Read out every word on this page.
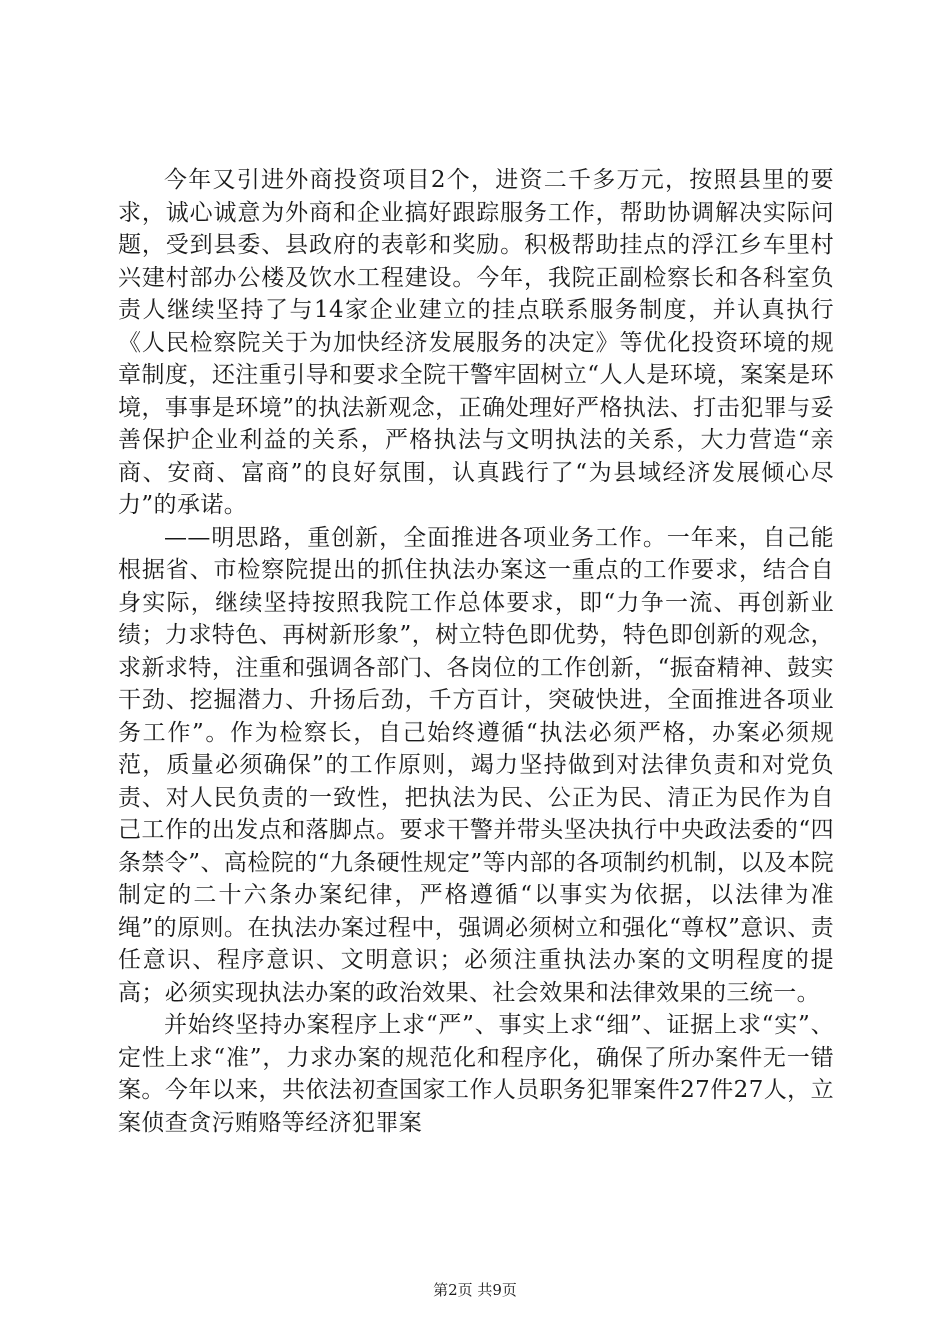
今年又引进外商投资项目2个，进资二千多万元，按照县里的要求，诚心诚意为外商和企业搞好跟踪服务工作，帮助协调解决实际问题，受到县委、县政府的表彰和奖励。积极帮助挂点的浮江乡车里村兴建村部办公楼及饮水工程建设。今年，我院正副检察长和各科室负责人继续坚持了与14家企业建立的挂点联系服务制度，并认真执行《人民检察院关于为加快经济发展服务的决定》等优化投资环境的规章制度，还注重引导和要求全院干警牢固树立“人人是环境，案案是环境，事事是环境”的执法新观念，正确处理好严格执法、打击犯罪与妥善保护企业利益的关系，严格执法与文明执法的关系，大力营造“亲商、安商、富商”的良好氛围，认真践行了“为县域经济发展倾心尽力”的承诺。

——明思路，重创新，全面推进各项业务工作。一年来，自己能根据省、市检察院提出的抓住执法办案这一重点的工作要求，结合自身实际，继续坚持按照我院工作总体要求，即“力争一流、再创新业绩；力求特色、再树新形象”，树立特色即优势，特色即创新的观念，求新求特，注重和强调各部门、各岗位的工作创新，“振奋精神、鼓实干劲、挖掘潜力、升扬后劲，千方百计，突破快进，全面推进各项业务工作”。作为检察长，自己始终遵循“执法必须严格，办案必须规范，质量必须确保”的工作原则，竭力坚持做到对法律负责和对党负责、对人民负责的一致性，把执法为民、公正为民、清正为民作为自己工作的出发点和落脚点。要求干警并带头坚决执行中央政法委的“四条禁令”、高检院的“九条硬性规定”等内部的各项制约机制，以及本院制定的二十六条办案纪律，严格遵循“以事实为依据，以法律为准绳”的原则。在执法办案过程中，强调必须树立和强化“尊权”意识、责任意识、程序意识、文明意识；必须注重执法办案的文明程度的提高；必须实现执法办案的政治效果、社会效果和法律效果的三统一。

并始终坚持办案程序上求“严”、事实上求“细”、证据上求“实”、定性上求“准”，力求办案的规范化和程序化，确保了所办案件无一错案。今年以来，共依法初查国家工作人员职务犯罪案件27件27人，立案侦查贪污贿赂等经济犯罪案

第2页 共9页
